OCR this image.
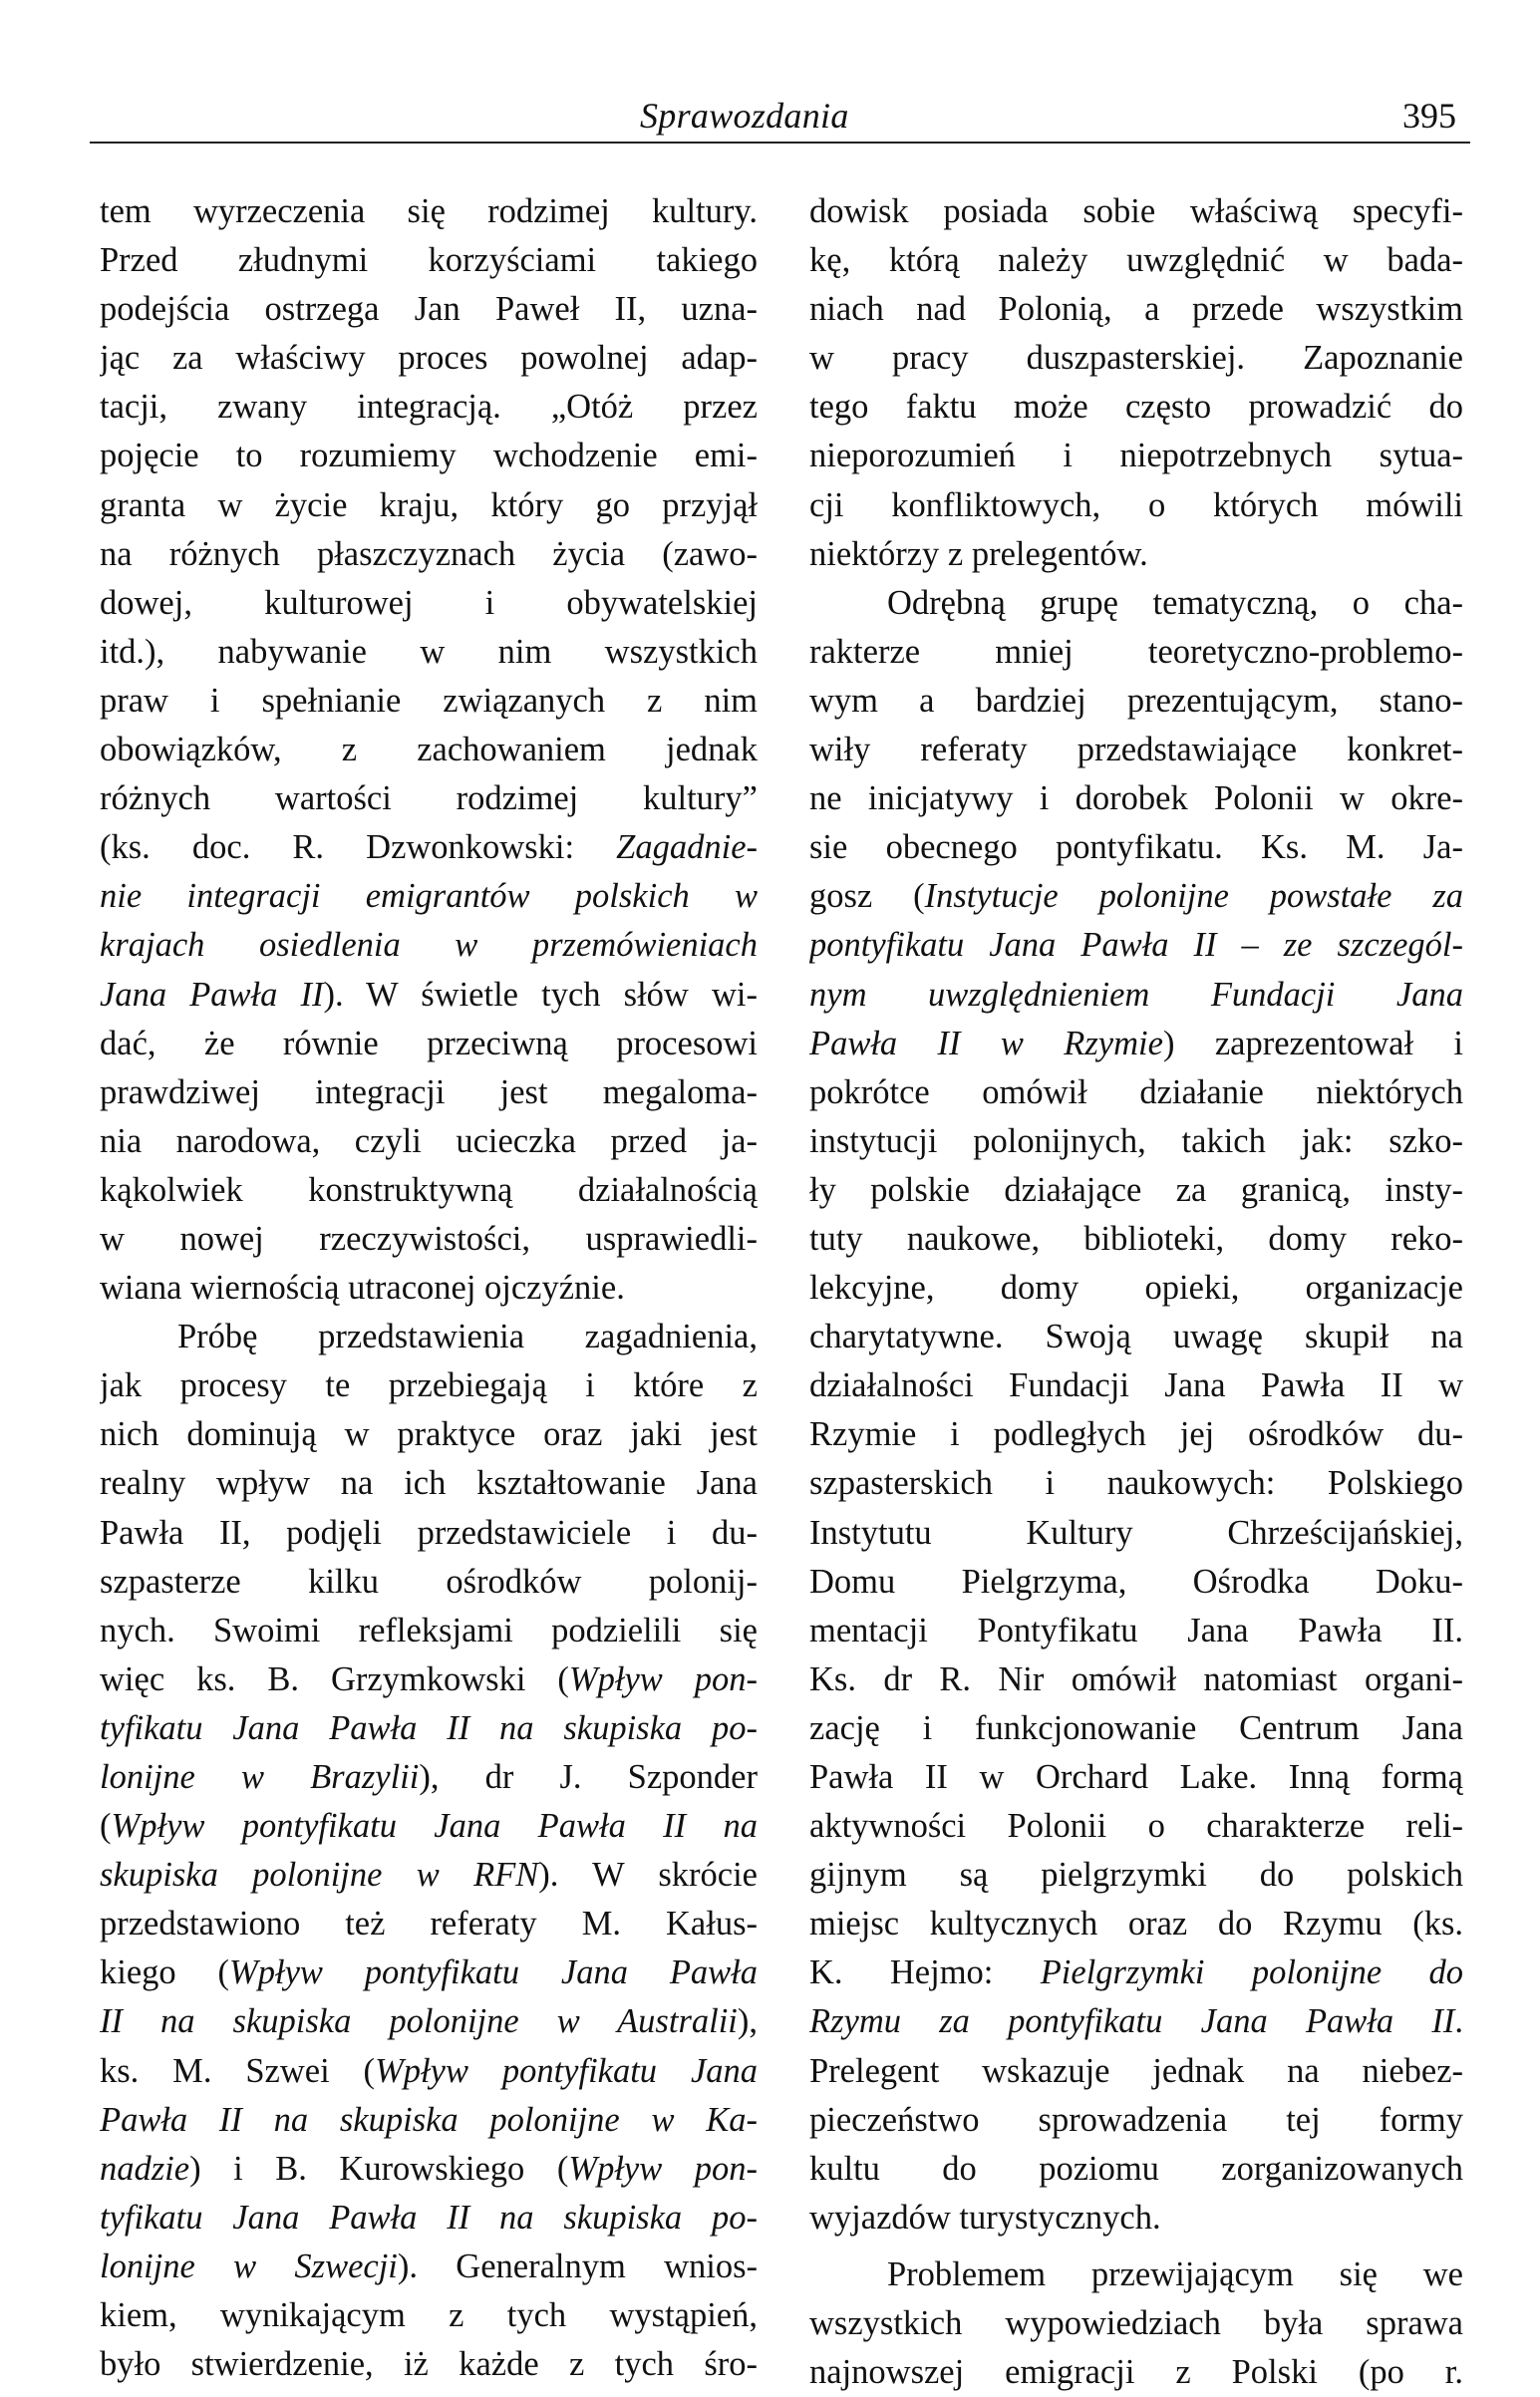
Sprawozdania	395
tem wyrzeczenia się rodzimej kultury.
Przed złudnymi korzyściami takiego
podejścia ostrzega Jan Paweł II, uzna-
jąc za właściwy proces powolnej adap-
tacji, zwany integracją. „Otóż przez
pojęcie to rozumiemy wchodzenie emi-
granta w życie kraju, który go przyjął
na różnych płaszczyznach życia (zawo-
dowej, kulturowej i obywatelskiej
itd.), nabywanie w nim wszystkich
praw i spełnianie związanych z nim
obowiązków, z zachowaniem jednak
różnych wartości rodzimej kultury”
(ks. doc. R. Dzwonkowski: Zagadnie-
nie integracji emigrantów polskich w
krajach osiedlenia w przemówieniach
Jana Pawła II). W świetle tych słów wi-
dać, że równie przeciwną procesowi
prawdziwej integracji jest megaloma-
nia narodowa, czyli ucieczka przed ja-
kąkolwiek konstruktywną działalnością
w nowej rzeczywistości, usprawiedli-
wiana wiernością utraconej ojczyźnie.
Próbę przedstawienia zagadnienia,
jak procesy te przebiegają i które z
nich dominują w praktyce oraz jaki jest
realny wpływ na ich kształtowanie Jana
Pawła II, podjęli przedstawiciele i du-
szpasterze kilku ośrodków polonij-
nych. Swoimi refleksjami podzielili się
więc ks. B. Grzymkowski (Wpływ pon-
tyfikatu Jana Pawła II na skupiska po-
lonijne w Brazylii), dr J. Szponder
(Wpływ pontyfikatu Jana Pawła II na
skupiska polonijne w RFN). W skrócie
przedstawiono też referaty M. Kałus-
kiego (Wpływ pontyfikatu Jana Pawła
II na skupiska polonijne w Australii),
ks. M. Szwei (Wpływ pontyfikatu Jana
Pawła II na skupiska polonijne w Ka-
nadzie) i B. Kurowskiego (Wpływ pon-
tyfikatu Jana Pawła II na skupiska po-
lonijne w Szwecji). Generalnym wnios-
kiem, wynikającym z tych wystąpień,
było stwierdzenie, iż każde z tych śro-
dowisk posiada sobie właściwą specyfi-
kę, którą należy uwzględnić w bada-
niach nad Polonią, a przede wszystkim
w pracy duszpasterskiej. Zapoznanie
tego faktu może często prowadzić do
nieporozumień i niepotrzebnych sytua-
cji konfliktowych, o których mówili
niektórzy z prelegentów.
Odrębną grupę tematyczną, o cha-
rakterze mniej teoretyczno-problemo-
wym a bardziej prezentującym, stano-
wiły referaty przedstawiające konkret-
ne inicjatywy i dorobek Polonii w okre-
sie obecnego pontyfikatu. Ks. M. Ja-
gosz (Instytucje polonijne powstałe za
pontyfikatu Jana Pawła II – ze szczegól-
nym uwzględnieniem Fundacji Jana
Pawła II w Rzymie) zaprezentował i
pokrótce omówił działanie niektórych
instytucji polonijnych, takich jak: szko-
ły polskie działające za granicą, insty-
tuty naukowe, biblioteki, domy reko-
lekcyjne, domy opieki, organizacje
charytatywne. Swoją uwagę skupił na
działalności Fundacji Jana Pawła II w
Rzymie i podległych jej ośrodków du-
szpasterskich i naukowych: Polskiego
Instytutu Kultury Chrześcijańskiej,
Domu Pielgrzyma, Ośrodka Doku-
mentacji Pontyfikatu Jana Pawła II.
Ks. dr R. Nir omówił natomiast organi-
zację i funkcjonowanie Centrum Jana
Pawła II w Orchard Lake. Inną formą
aktywności Polonii o charakterze reli-
gijnym są pielgrzymki do polskich
miejsc kultycznych oraz do Rzymu (ks.
K. Hejmo: Pielgrzymki polonijne do
Rzymu za pontyfikatu Jana Pawła II.
Prelegent wskazuje jednak na niebez-
pieczeństwo sprowadzenia tej formy
kultu do poziomu zorganizowanych
wyjazdów turystycznych.
Problemem przewijającym się we
wszystkich wypowiedziach była sprawa
najnowszej emigracji z Polski (po r.
